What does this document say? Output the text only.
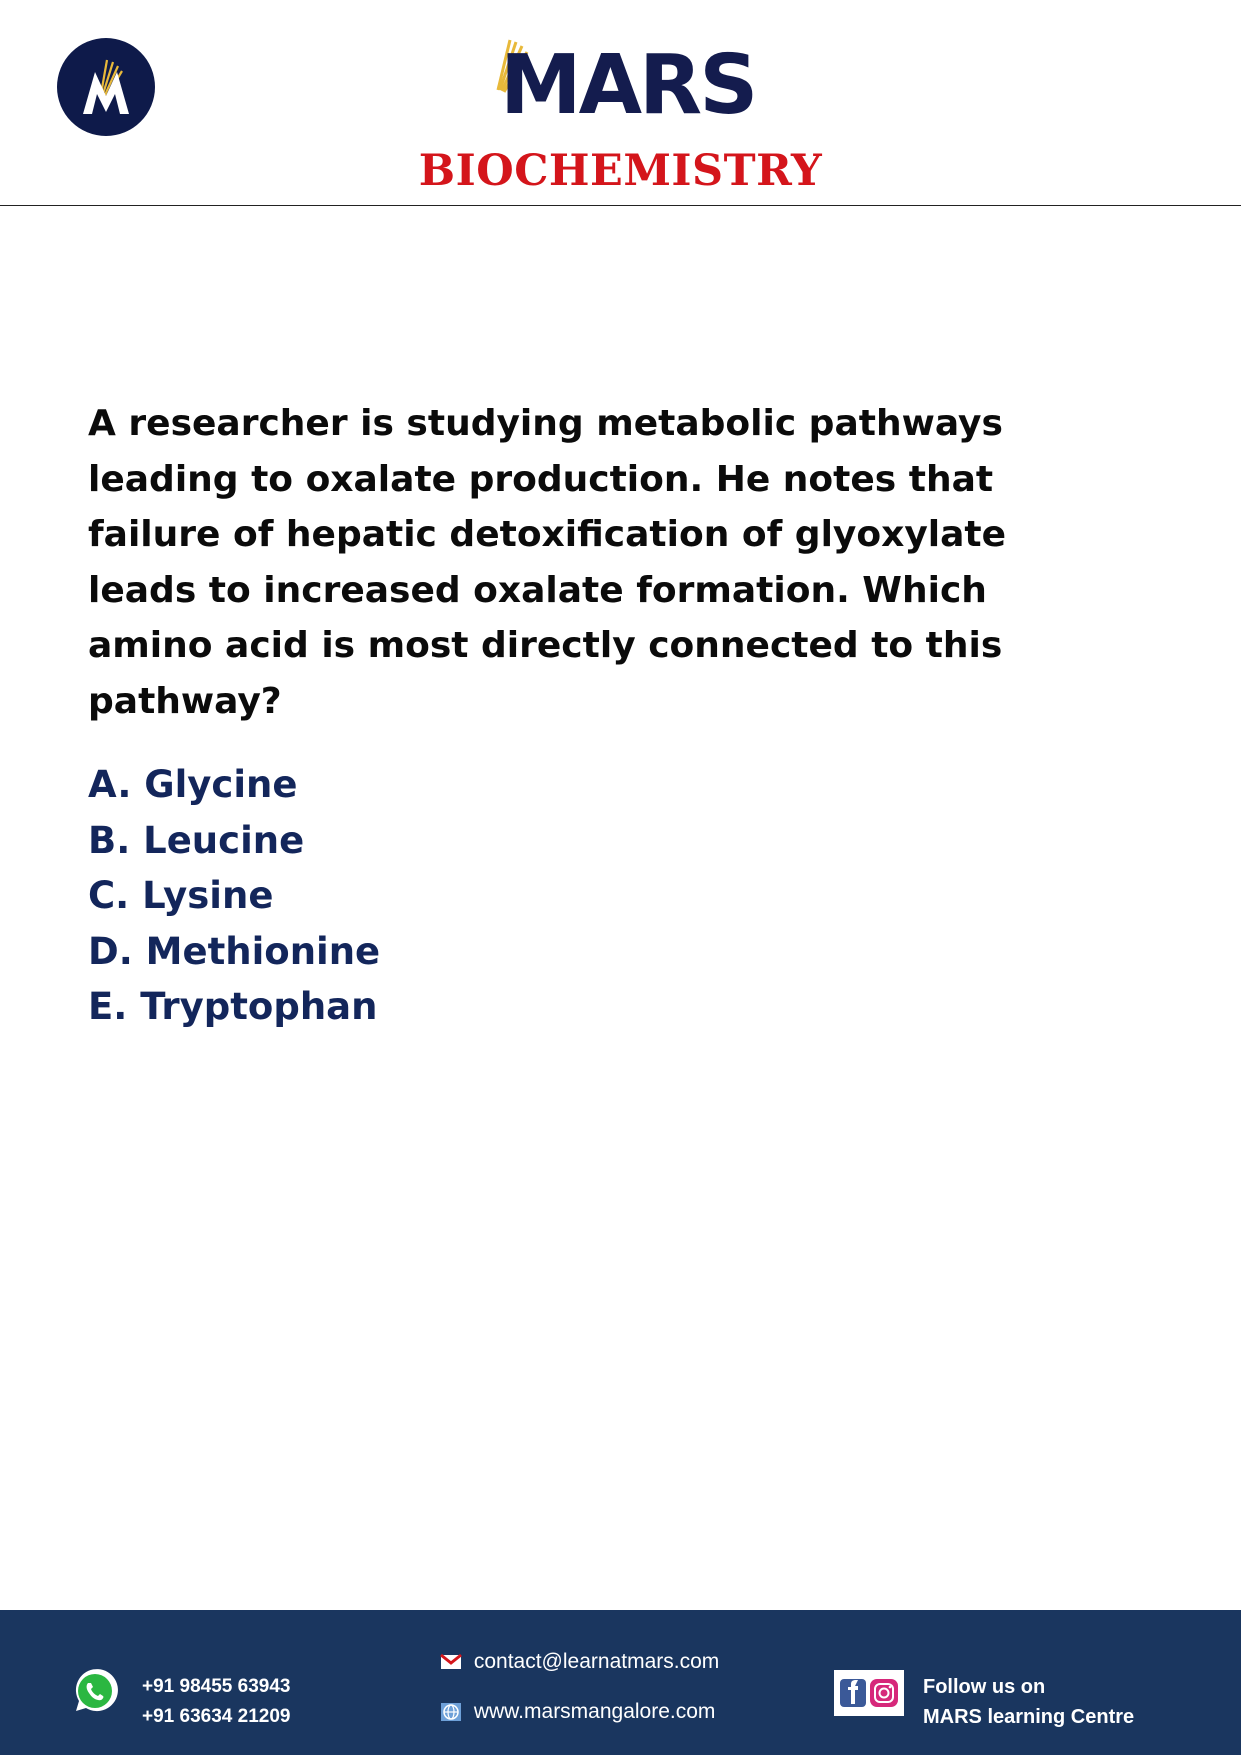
MARS
BIOCHEMISTRY

A researcher is studying metabolic pathways leading to oxalate production. He notes that failure of hepatic detoxification of glyoxylate leads to increased oxalate formation. Which amino acid is most directly connected to this pathway?

A. Glycine
B. Leucine
C. Lysine
D. Methionine
E. Tryptophan
+91 98455 63943
+91 63634 21209
contact@learnatmars.com
www.marsmangalore.com
Follow us on
MARS learning Centre
